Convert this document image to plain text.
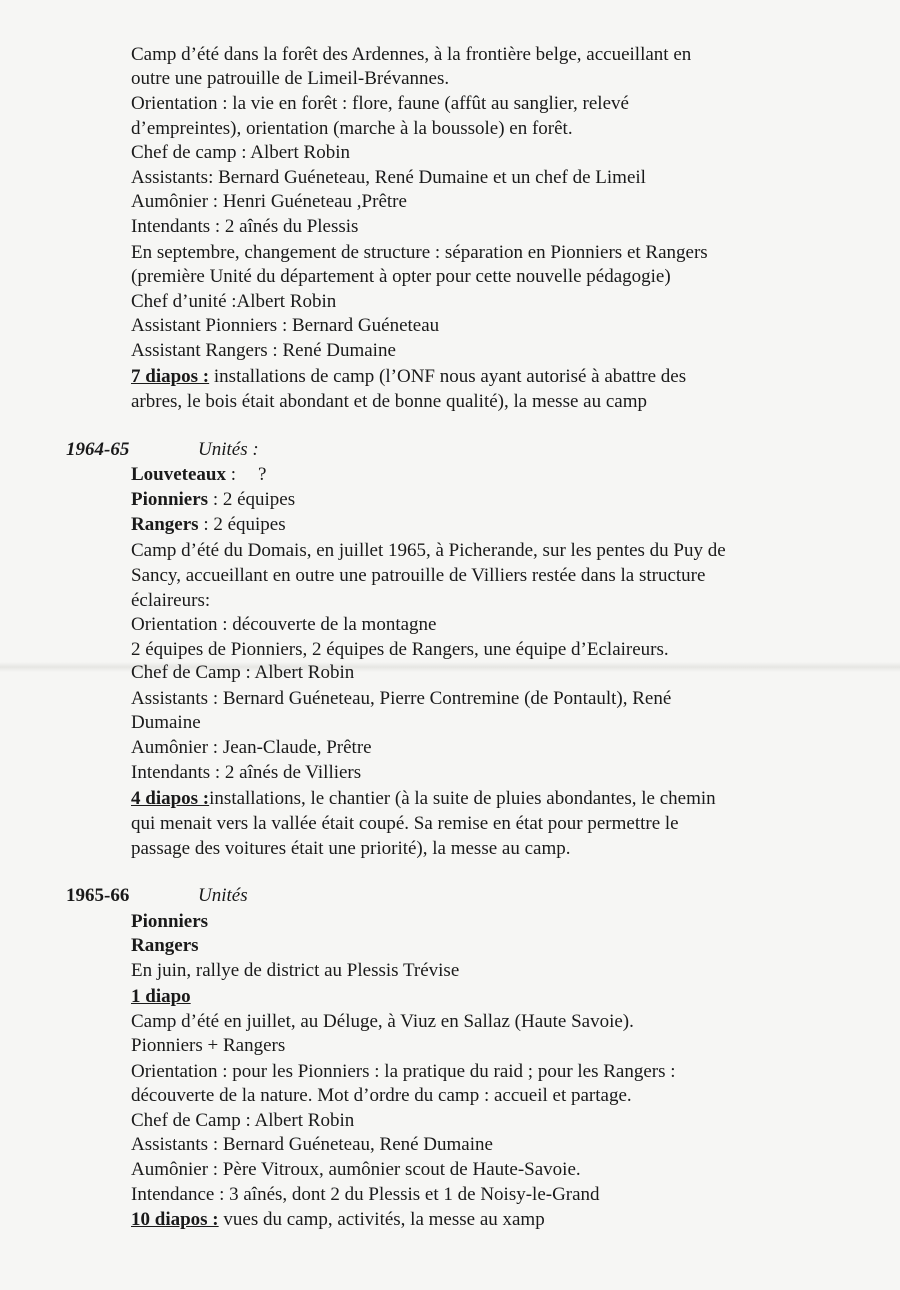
Camp d’été dans la forêt des Ardennes, à la frontière belge, accueillant en

outre une patrouille de Limeil-Brévannes.

Orientation : la vie en forêt : flore, faune (affût au sanglier, relevé

d’empreintes), orientation (marche à la boussole) en forêt.

Chef de camp : Albert Robin

Assistants: Bernard Guéneteau, René Dumaine et un chef de Limeil

Aumônier : Henri Guéneteau ,Prêtre

Intendants : 2 aînés du Plessis

En septembre, changement de structure : séparation en Pionniers et Rangers

(première Unité du département à opter pour cette nouvelle pédagogie)

Chef d’unité :Albert Robin

Assistant Pionniers : Bernard Guéneteau

Assistant Rangers : René Dumaine

7 diapos : installations de camp (l’ONF nous ayant autorisé à abattre des

arbres, le bois était abondant et de bonne qualité), la messe au camp

1964-65	Unités :

Louveteaux : ?

Pionniers : 2 équipes

Rangers : 2 équipes

Camp d’été du Domais, en juillet 1965, à Picherande, sur les pentes du Puy de

Sancy, accueillant en outre une patrouille de Villiers restée dans la structure

éclaireurs:

Orientation : découverte de la montagne

2 équipes de Pionniers, 2 équipes de Rangers, une équipe d’Eclaireurs.

Chef de Camp : Albert Robin

Assistants : Bernard Guéneteau, Pierre Contremine (de Pontault), René

Dumaine

Aumônier : Jean-Claude, Prêtre

Intendants : 2 aînés de Villiers

4 diapos :installations, le chantier (à la suite de pluies abondantes, le chemin

qui menait vers la vallée était coupé. Sa remise en état pour permettre le

passage des voitures était une priorité), la messe au camp.

1965-66	Unités

Pionniers

Rangers

En juin, rallye de district au Plessis Trévise

1 diapo

Camp d’été en juillet, au Déluge, à Viuz en Sallaz (Haute Savoie).

Pionniers + Rangers

Orientation : pour les Pionniers : la pratique du raid ; pour les Rangers :

découverte de la nature. Mot d’ordre du camp : accueil et partage.

Chef de Camp : Albert Robin

Assistants : Bernard Guéneteau, René Dumaine

Aumônier : Père Vitroux, aumônier scout de Haute-Savoie.

Intendance : 3 aînés, dont 2 du Plessis et 1 de Noisy-le-Grand

10 diapos : vues du camp, activités, la messe au xamp
